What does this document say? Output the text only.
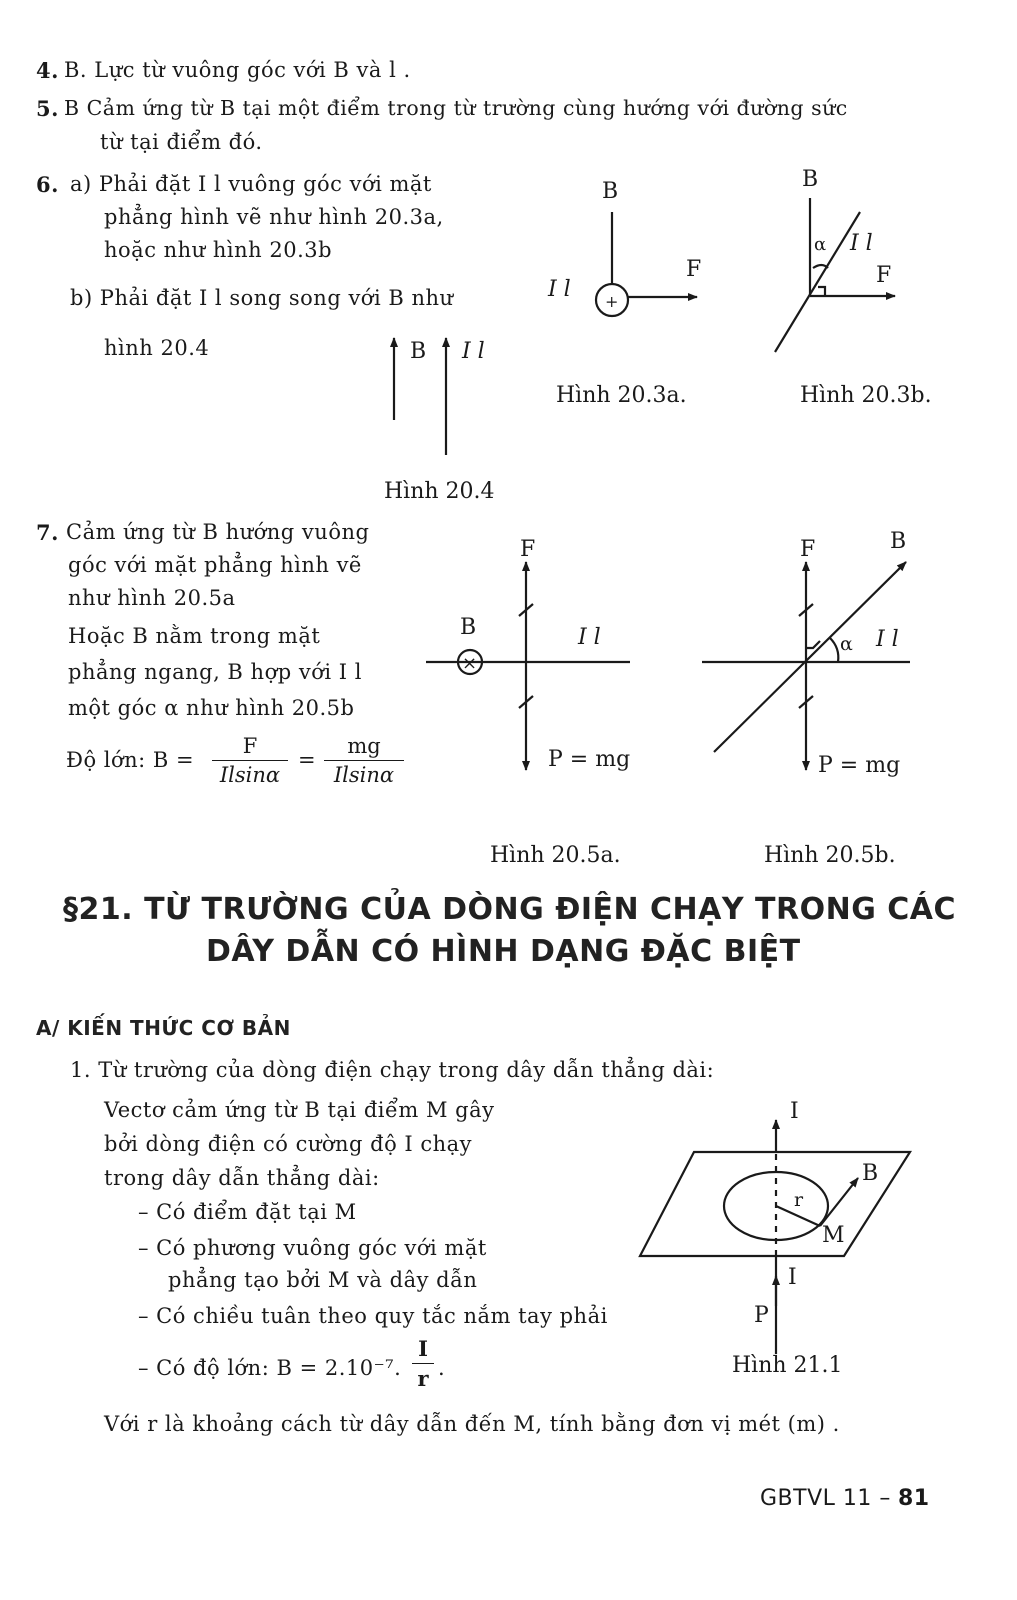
4. B. Lực từ vuông góc với B và l .
5. B Cảm ứng từ B tại một điểm trong từ trường cùng hướng với đường sức
từ tại điểm đó.
6. a) Phải đặt I l vuông góc với mặt
phẳng hình vẽ như hình 20.3a,
hoặc như hình 20.3b
b) Phải đặt I l song song với B như
hình 20.4
7. Cảm ứng từ B hướng vuông
góc với mặt phẳng hình vẽ
như hình 20.5a
Hoặc B nằm trong mặt
phẳng ngang, B hợp với I l
một góc α như hình 20.5b
Độ lớn: $B = \frac{F}{Ilsin\alpha} = \frac{mg}{Ilsin\alpha}$
+
B
F
I l
Hình 20.3a.
B
α I l
F
Hình 20.3b.
B I l
Hình 20.4
×
B
F
I l
P = mg
Hình 20.5a.
F	B
α I l
P = mg
Hình 20.5b.
I
B
r
M
I
P
Hình 21.1
§21. TỪ TRƯỜNG CỦA DÒNG ĐIỆN CHẠY TRONG CÁC
DÂY DẪN CÓ HÌNH DẠNG ĐẶC BIỆT
A/ KIẾN THỨC CƠ BẢN
1. Từ trường của dòng điện chạy trong dây dẫn thẳng dài:
Vectơ cảm ứng từ B tại điểm M gây
bởi dòng điện có cường độ I chạy
trong dây dẫn thẳng dài:
– Có điểm đặt tại M
– Có phương vuông góc với mặt
phẳng tạo bởi M và dây dẫn
– Có chiều tuân theo quy tắc nắm tay phải
– Có độ lớn: B = 2.10⁻⁷. $\frac{I}{r}$ .
Với r là khoảng cách từ dây dẫn đến M, tính bằng đơn vị mét (m) .
GBTVL 11 – 81
